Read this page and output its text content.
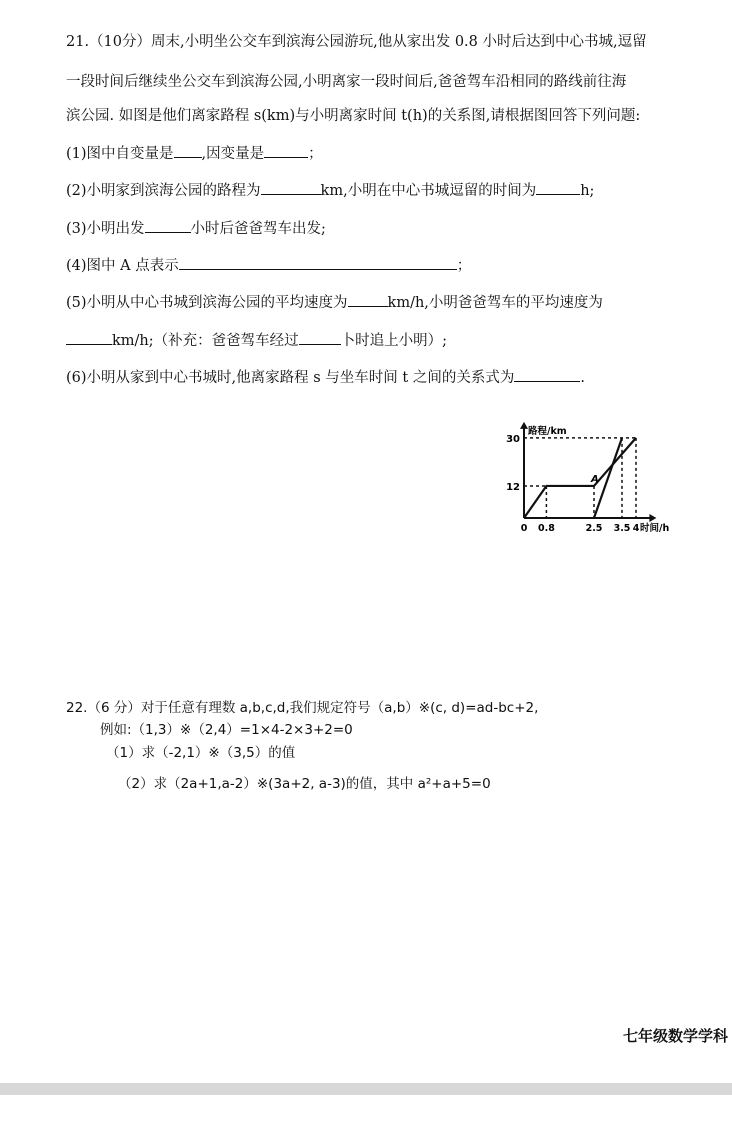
21.（10分）周末,小明坐公交车到滨海公园游玩,他从家出发 0.8 小时后达到中心书城,逗留
一段时间后继续坐公交车到滨海公园,小明离家一段时间后,爸爸驾车沿相同的路线前往海
滨公园. 如图是他们离家路程 s(km)与小明离家时间 t(h)的关系图,请根据图回答下列问题:
(1)图中自变量是 ,因变量是	；
(2)小明家到滨海公园的路程为	km,小明在中心书城逗留的时间为	h;
(3)小明出发	小时后爸爸驾车出发;
(4)图中 A 点表示	；
(5)小明从中心书城到滨海公园的平均速度为	km/h,小明爸爸驾车的平均速度为
km/h;（补充：爸爸驾车经过	卜时追上小明）;
(6)小明从家到中心书城时,他离家路程 s 与坐车时间 t 之间的关系式为	.
12
30
0 0.8	2.5 3.5 4
路程/km
时间/h
A
22.（6 分）对于任意有理数 a,b,c,d,我们规定符号（a,b）※(c, d)=ad-bc+2,
例如:（1,3）※（2,4）=1×4-2×3+2=0
（1）求（-2,1）※（3,5）的值
（2）求（2a+1,a-2）※(3a+2, a-3)的值，其中 a²+a+5=0
七年级数学学科
